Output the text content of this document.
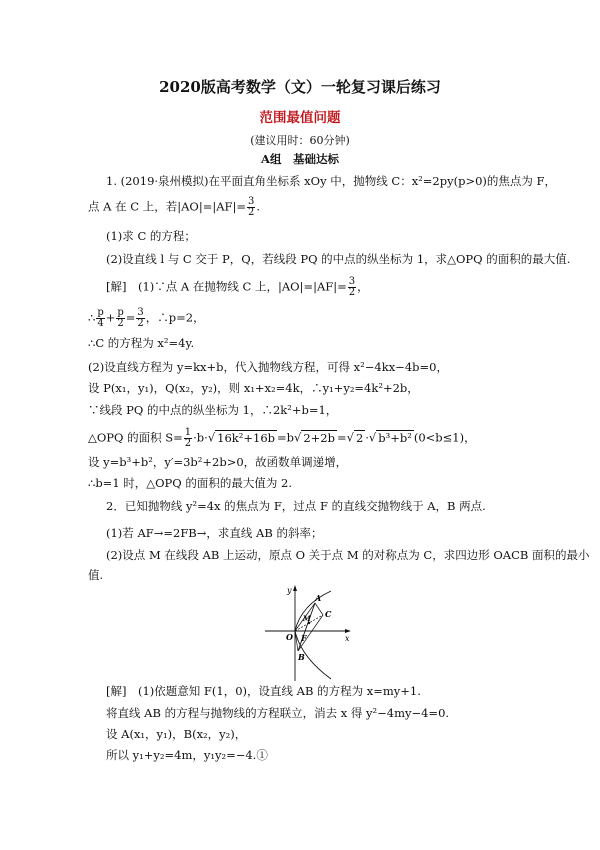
2020版高考数学（文）一轮复习课后练习
范围最值问题
(建议用时：60分钟)
A组　基础达标
1. (2019·泉州模拟)在平面直角坐标系 xOy 中，抛物线 C：x²=2py(p>0)的焦点为 F，
点 A 在 C 上，若$|AO|=|AF|= \frac{3}{2}$ .
(1)求 C 的方程；
(2)设直线 l 与 C 交于 P，Q，若线段 PQ 的中点的纵坐标为 1，求△OPQ 的面积的最大值.
[解]　(1)∵点 A 在抛物线 C 上，$|AO|=|AF|= \frac{3}{2}$ ，
∴ $\frac{p}{4} + \frac{p}{2} = \frac{3}{2}$ ，∴p=2，
∴C 的方程为 x²=4y.
(2)设直线方程为 y=kx+b，代入抛物线方程，可得 x²−4kx−4b=0，
设 P(x₁，y₁)，Q(x₂，y₂)，则 x₁+x₂=4k，∴y₁+y₂=4k²+2b，
∵线段 PQ 的中点的纵坐标为 1，∴2k²+b=1，
△OPQ 的面积 $S= \frac{1}{2} \cdot b\cdot√$ 16k²+16b =b√ 2+2b =√ 2 ·√ b³+b² (0<b≤1)，
设 y=b³+b²，y′=3b²+2b>0，故函数单调递增，
∴b=1 时，△OPQ 的面积的最大值为 2.
2．已知抛物线 y²=4x 的焦点为 F，过点 F 的直线交抛物线于 A，B 两点.
(1)若 AF→=2FB→，求直线 AB 的斜率；
(2)设点 M 在线段 AB 上运动，原点 O 关于点 M 的对称点为 C，求四边形 OACB 面积的最小
值.
y
x
O F
A
B
C
M
[解]　(1)依题意知 F(1，0)，设直线 AB 的方程为 x=my+1.
将直线 AB 的方程与抛物线的方程联立，消去 x 得 y²−4my−4=0.
设 A(x₁，y₁)，B(x₂，y₂)，
所以 y₁+y₂=4m，y₁y₂=−4.①
